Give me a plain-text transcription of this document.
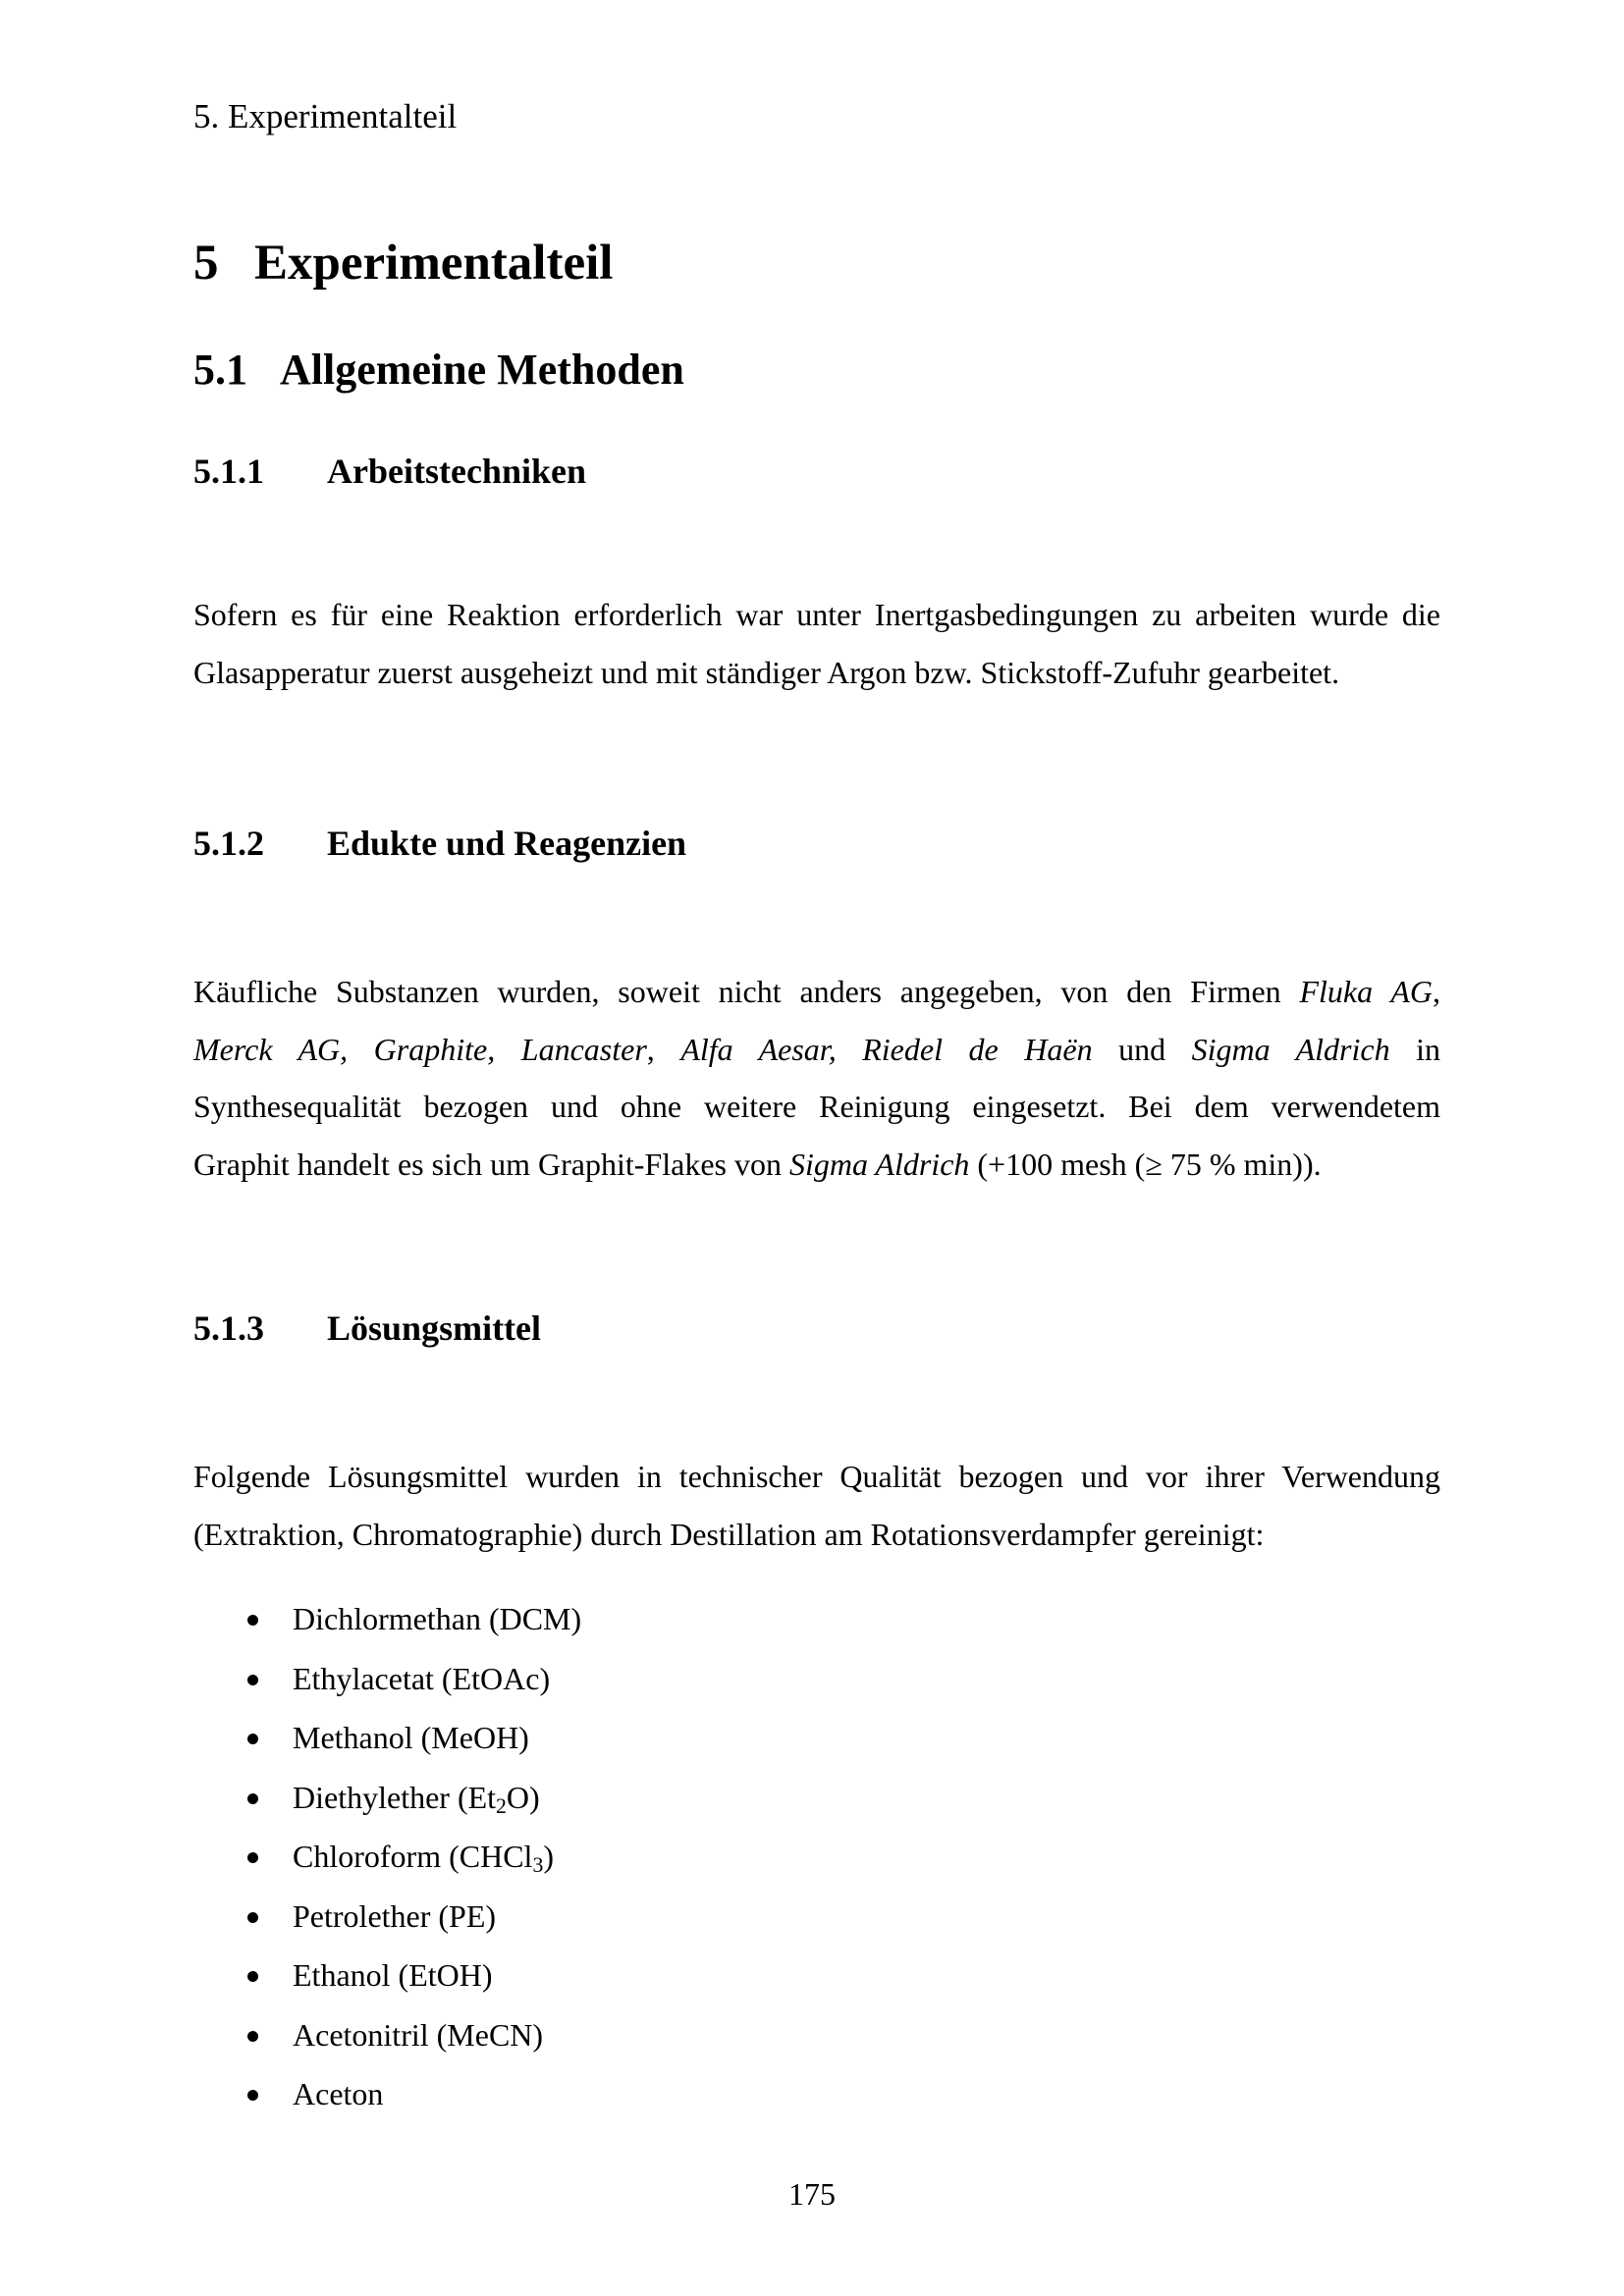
5. Experimentalteil
5 Experimentalteil
5.1 Allgemeine Methoden
5.1.1 Arbeitstechniken
Sofern es für eine Reaktion erforderlich war unter Inertgasbedingungen zu arbeiten wurde die
Glasapperatur zuerst ausgeheizt und mit ständiger Argon bzw. Stickstoff-Zufuhr gearbeitet.
5.1.2 Edukte und Reagenzien
Käufliche Substanzen wurden, soweit nicht anders angegeben, von den Firmen Fluka AG,
Merck AG, Graphite, Lancaster, Alfa Aesar, Riedel de Haën und Sigma Aldrich in
Synthesequalität bezogen und ohne weitere Reinigung eingesetzt. Bei dem verwendetem
Graphit handelt es sich um Graphit-Flakes von Sigma Aldrich (+100 mesh (≥ 75 % min)).
5.1.3 Lösungsmittel
Folgende Lösungsmittel wurden in technischer Qualität bezogen und vor ihrer Verwendung
(Extraktion, Chromatographie) durch Destillation am Rotationsverdampfer gereinigt:
Dichlormethan (DCM)
Ethylacetat (EtOAc)
Methanol (MeOH)
Diethylether $(Et_2O)$
Chloroform (CHCl$_3$)
Petrolether (PE)
Ethanol (EtOH)
Acetonitril (MeCN)
Aceton
175
